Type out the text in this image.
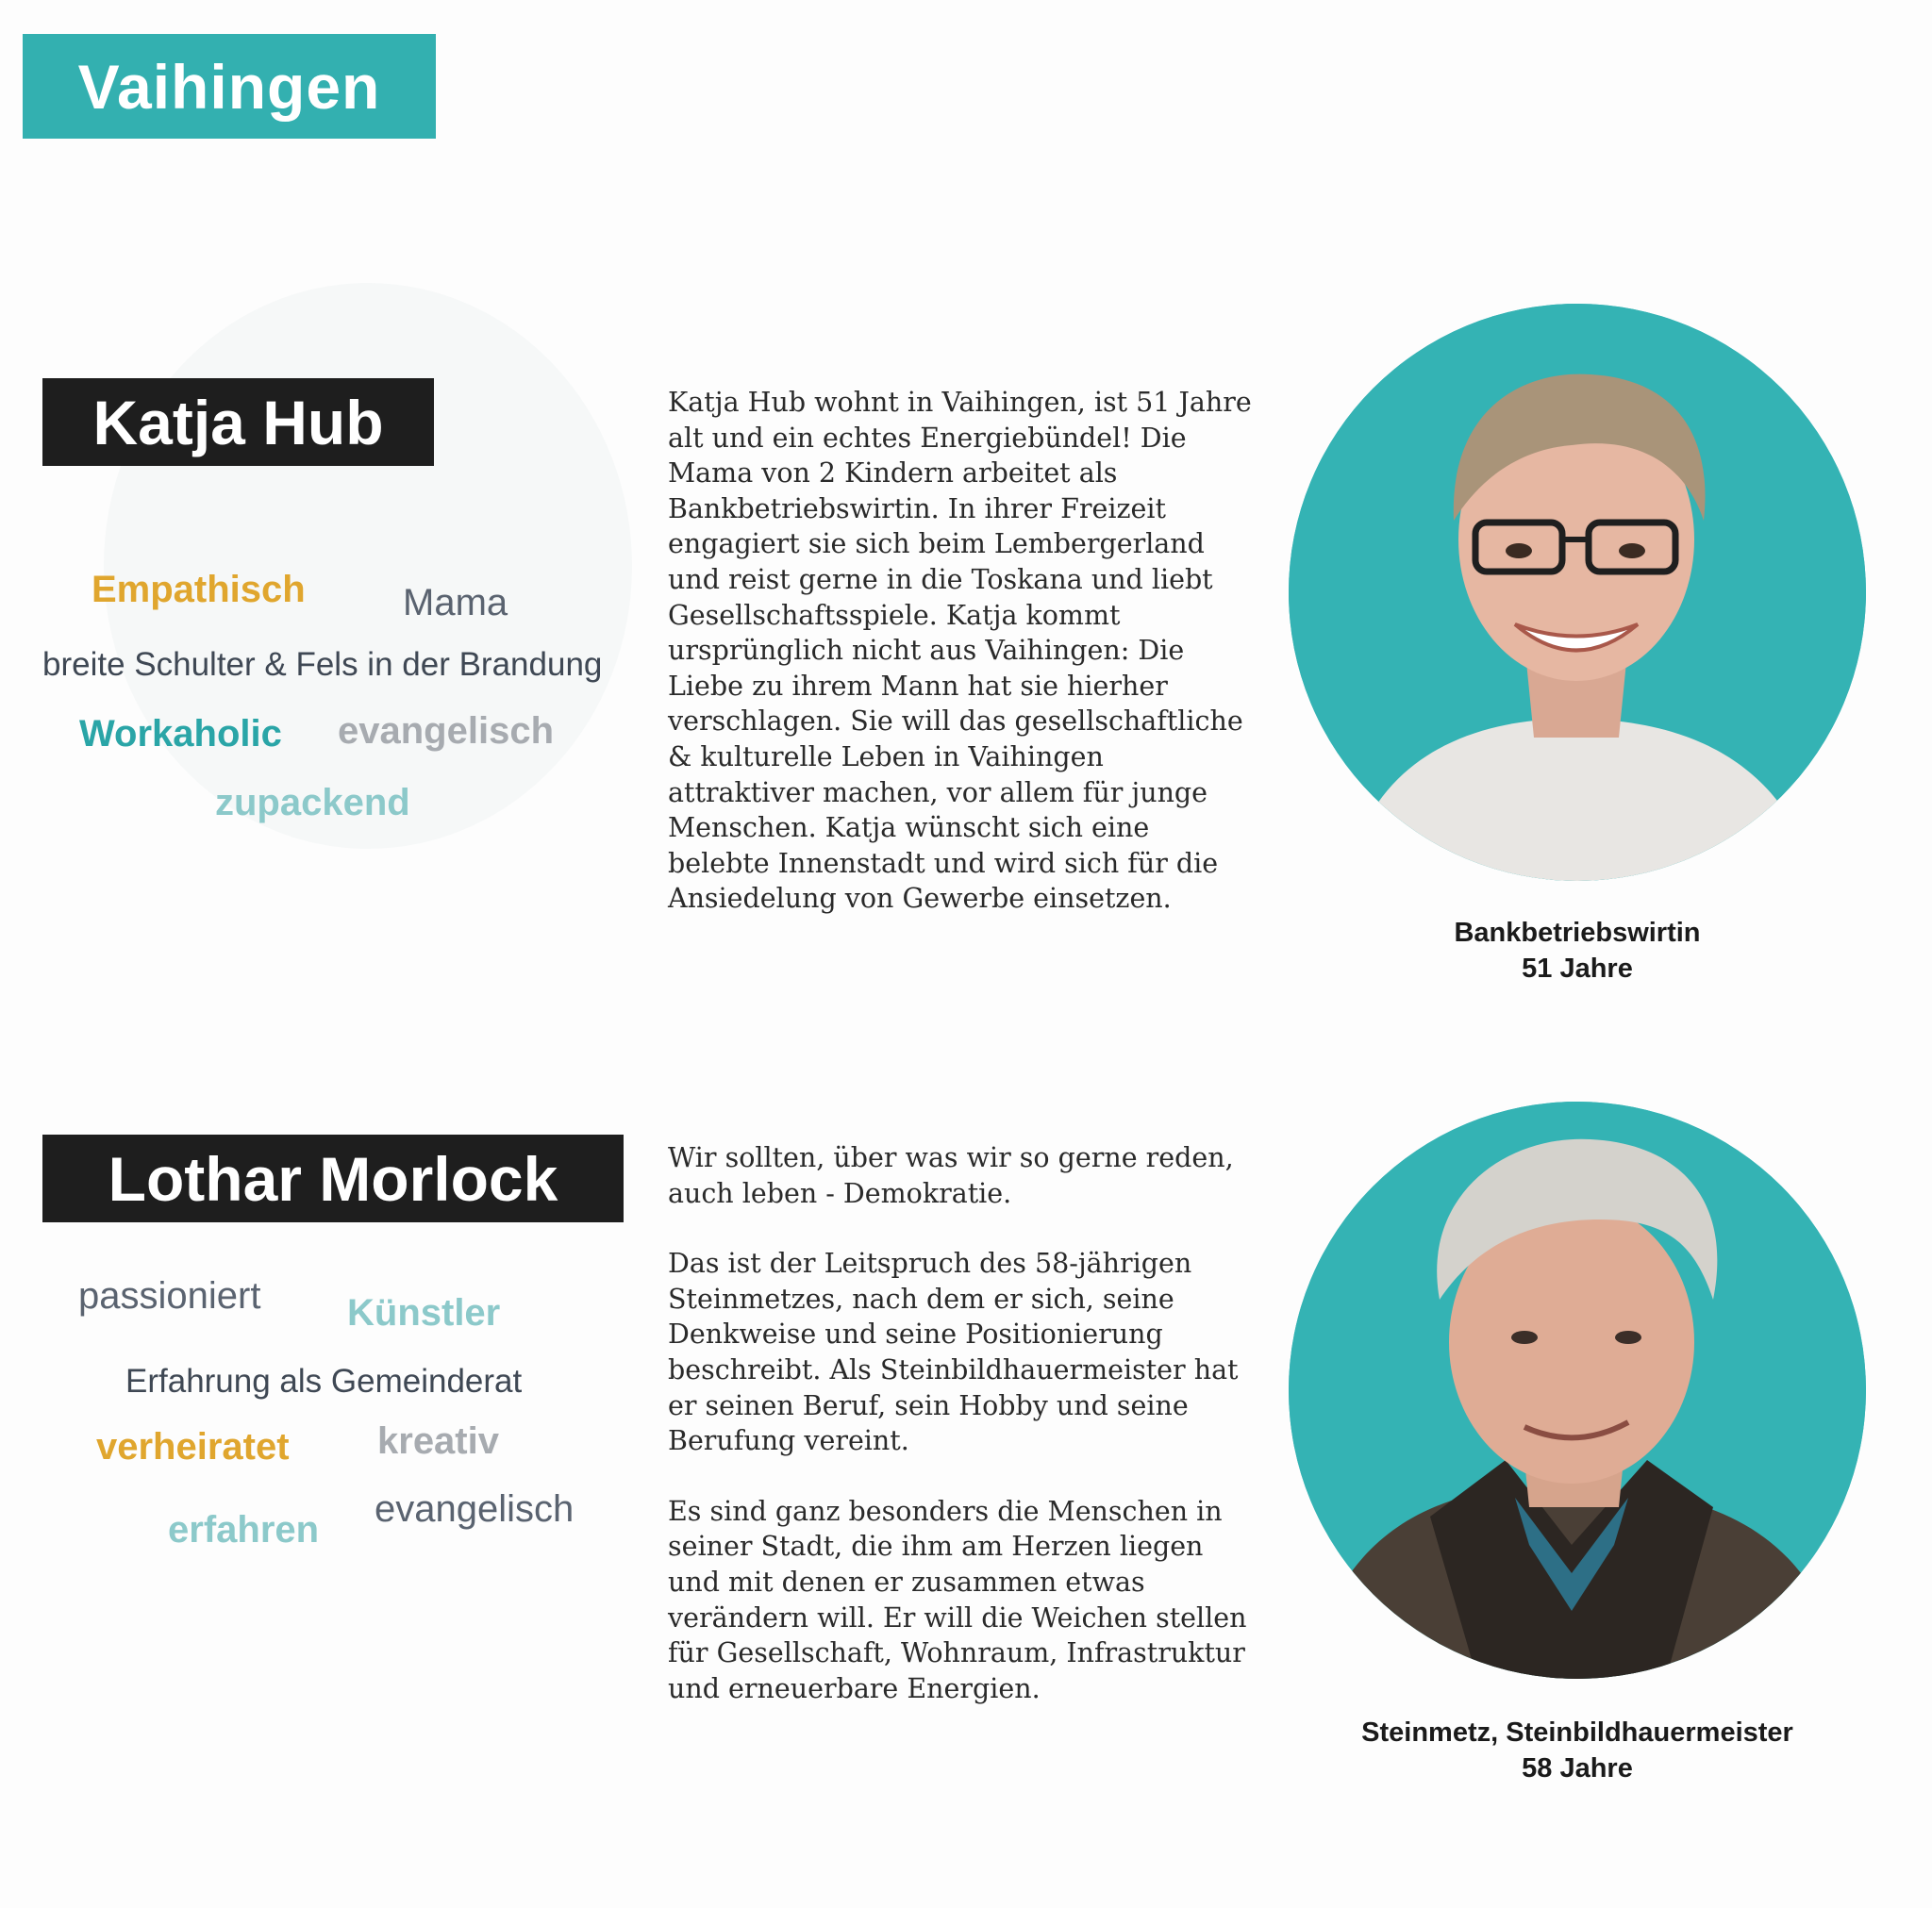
Vaihingen
Katja Hub
Empathisch	Mama
breite Schulter & Fels in der Brandung
Workaholic evangelisch
zupackend

Katja Hub wohnt in Vaihingen, ist 51 Jahre alt und ein echtes Energiebündel! Die Mama von 2 Kindern arbeitet als Bankbetriebswirtin. In ihrer Freizeit engagiert sie sich beim Lembergerland und reist gerne in die Toskana und liebt Gesellschaftsspiele. Katja kommt ursprünglich nicht aus Vaihingen: Die Liebe zu ihrem Mann hat sie hierher verschlagen. Sie will das gesellschaftliche & kulturelle Leben in Vaihingen attraktiver machen, vor allem für junge Menschen. Katja wünscht sich eine belebte Innenstadt und wird sich für die Ansiedelung von Gewerbe einsetzen.

Bankbetriebswirtin
51 Jahre
Lothar Morlock
passioniert Künstler
Erfahrung als Gemeinderat
verheiratet kreativ
erfahren evangelisch

Wir sollten, über was wir so gerne reden, auch leben - Demokratie.

Das ist der Leitspruch des 58-jährigen Steinmetzes, nach dem er sich, seine Denkweise und seine Positionierung beschreibt. Als Steinbildhauermeister hat er seinen Beruf, sein Hobby und seine Berufung vereint.

Es sind ganz besonders die Menschen in seiner Stadt, die ihm am Herzen liegen und mit denen er zusammen etwas verändern will. Er will die Weichen stellen für Gesellschaft, Wohnraum, Infrastruktur und erneuerbare Energien.

Steinmetz, Steinbildhauermeister
58 Jahre
